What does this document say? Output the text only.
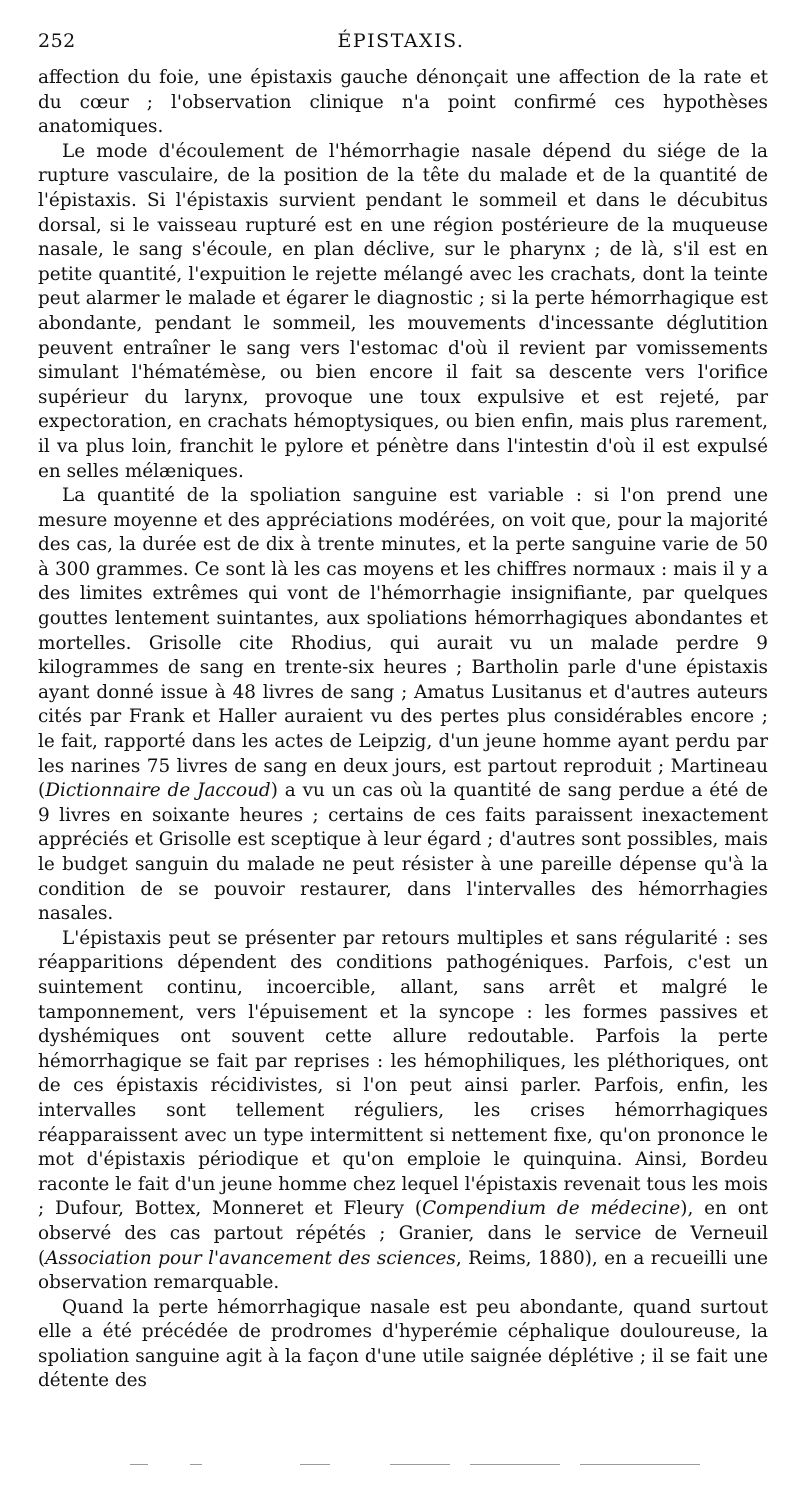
252	ÉPISTAXIS.

affection du foie, une épistaxis gauche dénonçait une affection de la rate et du cœur ; l'observation clinique n'a point confirmé ces hypothèses anatomiques.

Le mode d'écoulement de l'hémorrhagie nasale dépend du siége de la rupture vasculaire, de la position de la tête du malade et de la quantité de l'épistaxis. Si l'épistaxis survient pendant le sommeil et dans le décubitus dorsal, si le vaisseau rupturé est en une région postérieure de la muqueuse nasale, le sang s'écoule, en plan déclive, sur le pharynx ; de là, s'il est en petite quantité, l'expuition le rejette mélangé avec les crachats, dont la teinte peut alarmer le malade et égarer le diagnostic ; si la perte hémorrhagique est abondante, pendant le sommeil, les mouvements d'incessante déglutition peuvent entraîner le sang vers l'estomac d'où il revient par vomissements simulant l'hématémèse, ou bien encore il fait sa descente vers l'orifice supérieur du larynx, provoque une toux expulsive et est rejeté, par expectoration, en crachats hémoptysiques, ou bien enfin, mais plus rarement, il va plus loin, franchit le pylore et pénètre dans l'intestin d'où il est expulsé en selles mélæniques.

La quantité de la spoliation sanguine est variable : si l'on prend une mesure moyenne et des appréciations modérées, on voit que, pour la majorité des cas, la durée est de dix à trente minutes, et la perte sanguine varie de 50 à 300 grammes. Ce sont là les cas moyens et les chiffres normaux : mais il y a des limites extrêmes qui vont de l'hémorrhagie insignifiante, par quelques gouttes lentement suintantes, aux spoliations hémorrhagiques abondantes et mortelles. Grisolle cite Rhodius, qui aurait vu un malade perdre 9 kilogrammes de sang en trente-six heures ; Bartholin parle d'une épistaxis ayant donné issue à 48 livres de sang ; Amatus Lusitanus et d'autres auteurs cités par Frank et Haller auraient vu des pertes plus considérables encore ; le fait, rapporté dans les actes de Leipzig, d'un jeune homme ayant perdu par les narines 75 livres de sang en deux jours, est partout reproduit ; Martineau (Dictionnaire de Jaccoud) a vu un cas où la quantité de sang perdue a été de 9 livres en soixante heures ; certains de ces faits paraissent inexactement appréciés et Grisolle est sceptique à leur égard ; d'autres sont possibles, mais le budget sanguin du malade ne peut résister à une pareille dépense qu'à la condition de se pouvoir restaurer, dans l'intervalles des hémorrhagies nasales.

L'épistaxis peut se présenter par retours multiples et sans régularité : ses réapparitions dépendent des conditions pathogéniques. Parfois, c'est un suintement continu, incoercible, allant, sans arrêt et malgré le tamponnement, vers l'épuisement et la syncope : les formes passives et dyshémiques ont souvent cette allure redoutable. Parfois la perte hémorrhagique se fait par reprises : les hémophiliques, les pléthoriques, ont de ces épistaxis récidivistes, si l'on peut ainsi parler. Parfois, enfin, les intervalles sont tellement réguliers, les crises hémorrhagiques réapparaissent avec un type intermittent si nettement fixe, qu'on prononce le mot d'épistaxis périodique et qu'on emploie le quinquina. Ainsi, Bordeu raconte le fait d'un jeune homme chez lequel l'épistaxis revenait tous les mois ; Dufour, Bottex, Monneret et Fleury (Compendium de médecine), en ont observé des cas partout répétés ; Granier, dans le service de Verneuil (Association pour l'avancement des sciences, Reims, 1880), en a recueilli une observation remarquable.

Quand la perte hémorrhagique nasale est peu abondante, quand surtout elle a été précédée de prodromes d'hyperémie céphalique douloureuse, la spoliation sanguine agit à la façon d'une utile saignée déplétive ; il se fait une détente des
